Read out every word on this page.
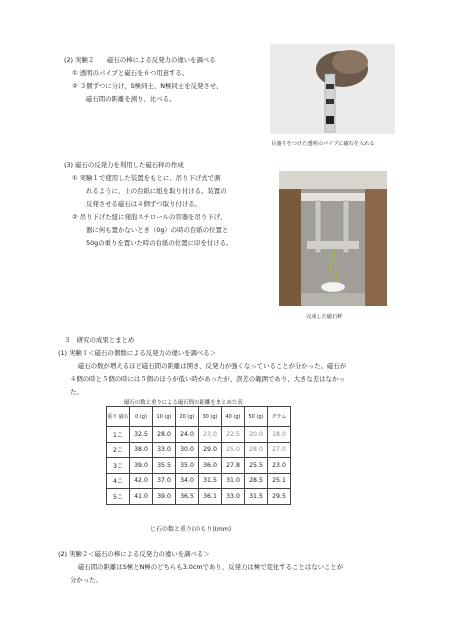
(2) 実験２　　磁石の棒による反発力の違いを調べる
① 透明のパイプと磁石を６つ用意する。
② ３個ずつに分け、S極同士、N極同士を反発させ、
磁石間の距離を測り、比べる。
目盛りをつけた透明のパイプに磁石を入れる
(3) 磁石の反発力を利用した磁石秤の作成
① 実験１で使用した装置をもとに、吊り下げ式で測
れるように、上の台紙に紐を取り付ける。装置の
反発させる磁石は４個ずつ取り付ける。
② 吊り下げた紐に発泡スチロールの容器を吊り下げ、
器に何も置かないとき（0g）の時の台紙の位置と
50gの重りを置いた時の台紙の位置に印を付ける。
完成した磁石秤
３　研究の成果とまとめ
(1) 実験１＜磁石の個数による反発力の違いを調べる＞
磁石の数が増えるほど磁石間の距離は開き、反発力が強くなっていることが分かった。磁石が
４個の時と５個の時には５個のほうが低い時があったが、誤差の範囲であり、大きな差はなかっ
た。
磁石の数と重りによる磁石間の距離をまとめた表
重り 磁石	0 (g)	10 (g)	20 (g)	30 (g)	40 (g)	50 (g)	グラム
1こ	32.5	28.0	24.0	23.0	22.5	20.0	18.0
2こ	38.0	33.0	30.0	29.0	25.0	28.0	27.0
3こ	39.0	35.5	35.0	36.0	27.8	25.5	23.0
4こ	42.0	37.0	34.0	31.5	31.0	28.5	25.1
5こ	41.0	39.0	36.5	36.1	33.0	31.5	29.5
じ石の数と重り(のもり)(mm)
(2) 実験２＜磁石の棒による反発力の違いを調べる＞
磁石間の距離はS極とN極のどちらも3.0cmであり、反発力は極で変化することはないことが
分かった。
